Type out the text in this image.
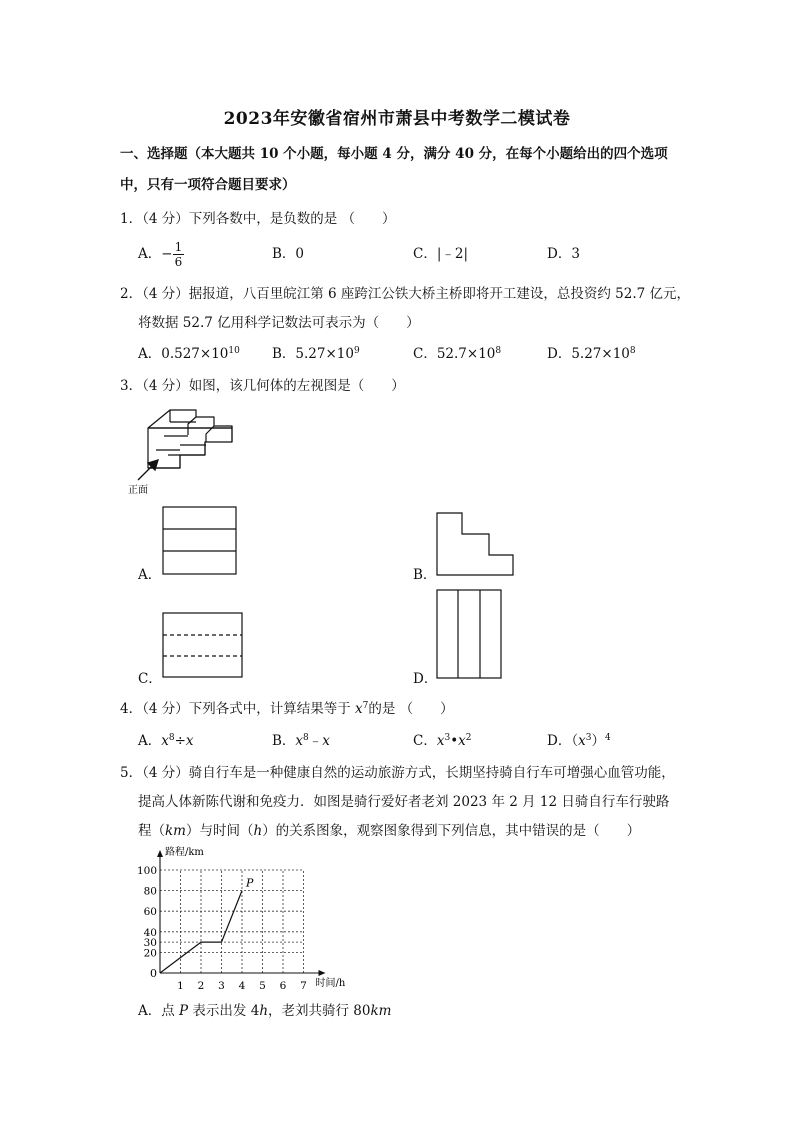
2023年安徽省宿州市萧县中考数学二模试卷
一、选择题（本大题共 10 个小题，每小题 4 分，满分 40 分，在每个小题给出的四个选项
中，只有一项符合题目要求）
1．（4 分）下列各数中，是负数的是 （　　）
A．− $\frac{1}{6}$	B．0	C．|﹣2|	D．3
2．（4 分）据报道，八百里皖江第 6 座跨江公铁大桥主桥即将开工建设，总投资约 52.7 亿元，
将数据 52.7 亿用科学记数法可表示为（　　）
A．$0.527\times 10^{10}$ B．$5.27\times 10^9$	C．$52.7\times 10^8$	D．$5.27\times 10^8$
3．（4 分）如图，该几何体的左视图是（　　）
正面
A．	B．
C．	D．
4．（4 分）下列各式中，计算结果等于 $x^7$的是 （　　）
A．$x^8\div x$	B．$x^8﹣x$	C．$x^3•x^2$	D．$(x^3)^4$
5．（4 分）骑自行车是一种健康自然的运动旅游方式，长期坚持骑自行车可增强心血管功能，
提高人体新陈代谢和免疫力．如图是骑行爱好者老刘 2023 年 2 月 12 日骑自行车行驶路
程（km）与时间（h）的关系图象，观察图象得到下列信息，其中错误的是（　　）
1 2 3 4 5 6 7
20
30
40
60
80
100
路程/km
时间/h
0
P
A．点 P 表示出发 4h，老刘共骑行 80km
